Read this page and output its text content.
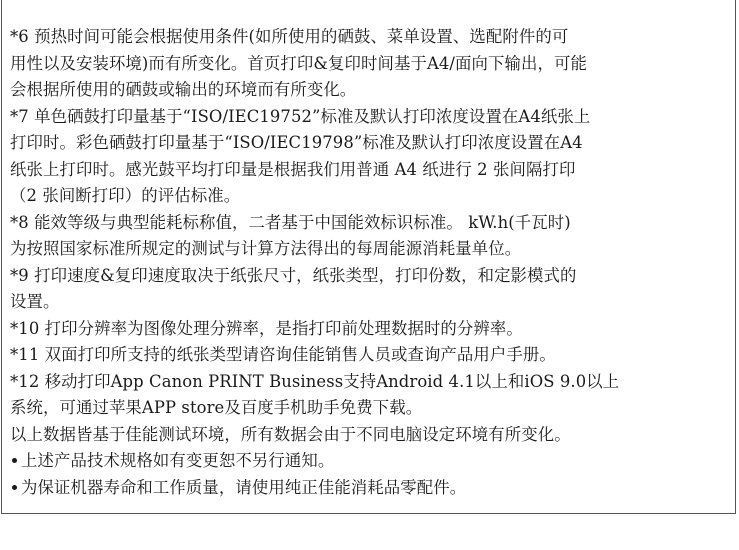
*6 预热时间可能会根据使用条件(如所使用的硒鼓、菜单设置、选配附件的可
用性以及安装环境)而有所变化。首页打印&复印时间基于A4/面向下输出，可能
会根据所使用的硒鼓或输出的环境而有所变化。
*7 单色硒鼓打印量基于“ISO/IEC19752”标准及默认打印浓度设置在A4纸张上
打印时。彩色硒鼓打印量基于“ISO/IEC19798”标准及默认打印浓度设置在A4
纸张上打印时。感光鼓平均打印量是根据我们用普通 A4 纸进行 2 张间隔打印
（2 张间断打印）的评估标准。
*8 能效等级与典型能耗标称值，二者基于中国能效标识标准。 kW.h(千瓦时)
为按照国家标准所规定的测试与计算方法得出的每周能源消耗量单位。
*9 打印速度&复印速度取决于纸张尺寸，纸张类型，打印份数，和定影模式的
设置。
*10 打印分辨率为图像处理分辨率，是指打印前处理数据时的分辨率。
*11 双面打印所支持的纸张类型请咨询佳能销售人员或查询产品用户手册。
*12 移动打印App Canon PRINT Business支持Android 4.1以上和iOS 9.0以上
系统，可通过苹果APP store及百度手机助手免费下载。
以上数据皆基于佳能测试环境，所有数据会由于不同电脑设定环境有所变化。
上述产品技术规格如有变更恕不另行通知。
为保证机器寿命和工作质量，请使用纯正佳能消耗品零配件。
